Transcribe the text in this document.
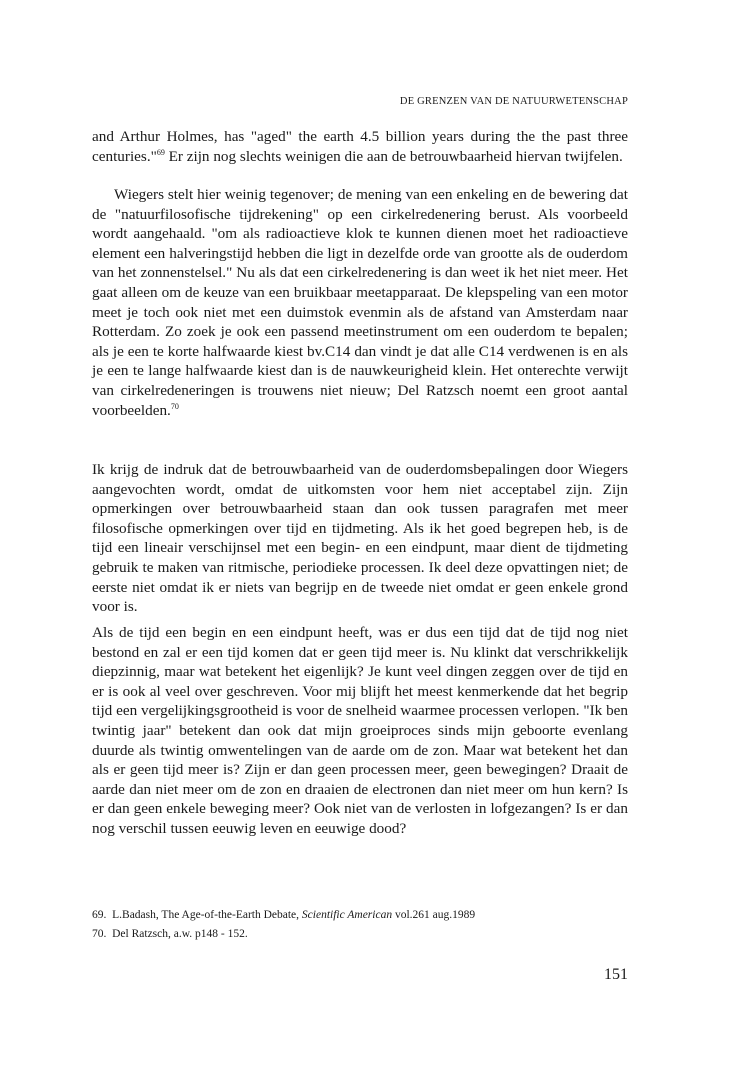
DE GRENZEN VAN DE NATUURWETENSCHAP

and Arthur Holmes, has "aged" the earth 4.5 billion years during the the past three centuries."$^{69}$ Er zijn nog slechts weinigen die aan de betrouwbaarheid hiervan twijfelen.

Wiegers stelt hier weinig tegenover; de mening van een enkeling en de bewering dat de "natuurfilosofische tijdrekening" op een cirkelredenering berust. Als voorbeeld wordt aangehaald. "om als radioactieve klok te kunnen dienen moet het radioactieve element een halveringstijd hebben die ligt in dezelfde orde van grootte als de ouderdom van het zonnenstelsel." Nu als dat een cirkelredenering is dan weet ik het niet meer. Het gaat alleen om de keuze van een bruikbaar meetapparaat. De klepspeling van een motor meet je toch ook niet met een duimstok evenmin als de afstand van Amsterdam naar Rotterdam. Zo zoek je ook een passend meetinstrument om een ouderdom te bepalen; als je een te korte halfwaarde kiest bv.C14 dan vindt je dat alle C14 verdwenen is en als je een te lange halfwaarde kiest dan is de nauwkeurigheid klein. Het onterechte verwijt van cirkelredeneringen is trouwens niet nieuw; Del Ratzsch noemt een groot aantal voorbeelden.$^{70}$

Ik krijg de indruk dat de betrouwbaarheid van de ouderdomsbepalingen door Wiegers aangevochten wordt, omdat de uitkomsten voor hem niet acceptabel zijn. Zijn opmerkingen over betrouwbaarheid staan dan ook tussen paragrafen met meer filosofische opmerkingen over tijd en tijdmeting. Als ik het goed begrepen heb, is de tijd een lineair verschijnsel met een begin- en een eindpunt, maar dient de tijdmeting gebruik te maken van ritmische, periodieke processen. Ik deel deze opvattingen niet; de eerste niet omdat ik er niets van begrijp en de tweede niet omdat er geen enkele grond voor is.

Als de tijd een begin en een eindpunt heeft, was er dus een tijd dat de tijd nog niet bestond en zal er een tijd komen dat er geen tijd meer is. Nu klinkt dat verschrikkelijk diepzinnig, maar wat betekent het eigenlijk? Je kunt veel dingen zeggen over de tijd en er is ook al veel over geschreven. Voor mij blijft het meest kenmerkende dat het begrip tijd een vergelijkingsgrootheid is voor de snelheid waarmee processen verlopen. "Ik ben twintig jaar" betekent dan ook dat mijn groeiproces sinds mijn geboorte evenlang duurde als twintig omwentelingen van de aarde om de zon. Maar wat betekent het dan als er geen tijd meer is? Zijn er dan geen processen meer, geen bewegingen? Draait de aarde dan niet meer om de zon en draaien de electronen dan niet meer om hun kern? Is er dan geen enkele beweging meer? Ook niet van de verlosten in lofgezangen? Is er dan nog verschil tussen eeuwig leven en eeuwige dood?

69. L.Badash, The Age-of-the-Earth Debate, Scientific American vol.261 aug.1989

70. Del Ratzsch, a.w. p148 - 152.

151
